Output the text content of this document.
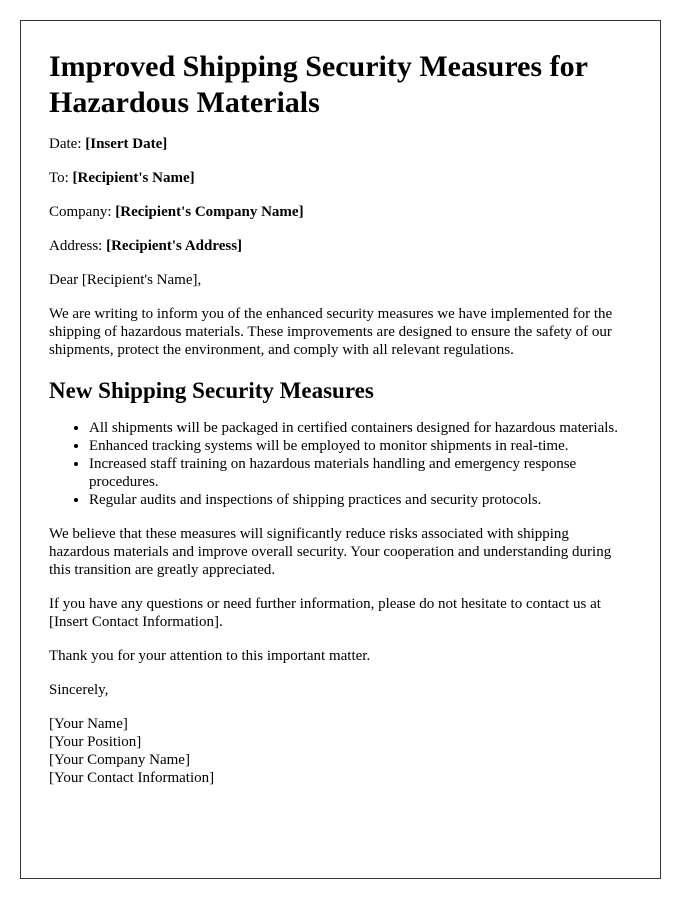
Improved Shipping Security Measures for Hazardous Materials

Date: [Insert Date]

To: [Recipient's Name]

Company: [Recipient's Company Name]

Address: [Recipient's Address]

Dear [Recipient's Name],

We are writing to inform you of the enhanced security measures we have implemented for the shipping of hazardous materials. These improvements are designed to ensure the safety of our shipments, protect the environment, and comply with all relevant regulations.

New Shipping Security Measures
• All shipments will be packaged in certified containers designed for hazardous materials.
• Enhanced tracking systems will be employed to monitor shipments in real-time.
• Increased staff training on hazardous materials handling and emergency response procedures.
• Regular audits and inspections of shipping practices and security protocols.

We believe that these measures will significantly reduce risks associated with shipping hazardous materials and improve overall security. Your cooperation and understanding during this transition are greatly appreciated.

If you have any questions or need further information, please do not hesitate to contact us at [Insert Contact Information].

Thank you for your attention to this important matter.

Sincerely,

[Your Name]
[Your Position]
[Your Company Name]
[Your Contact Information]
